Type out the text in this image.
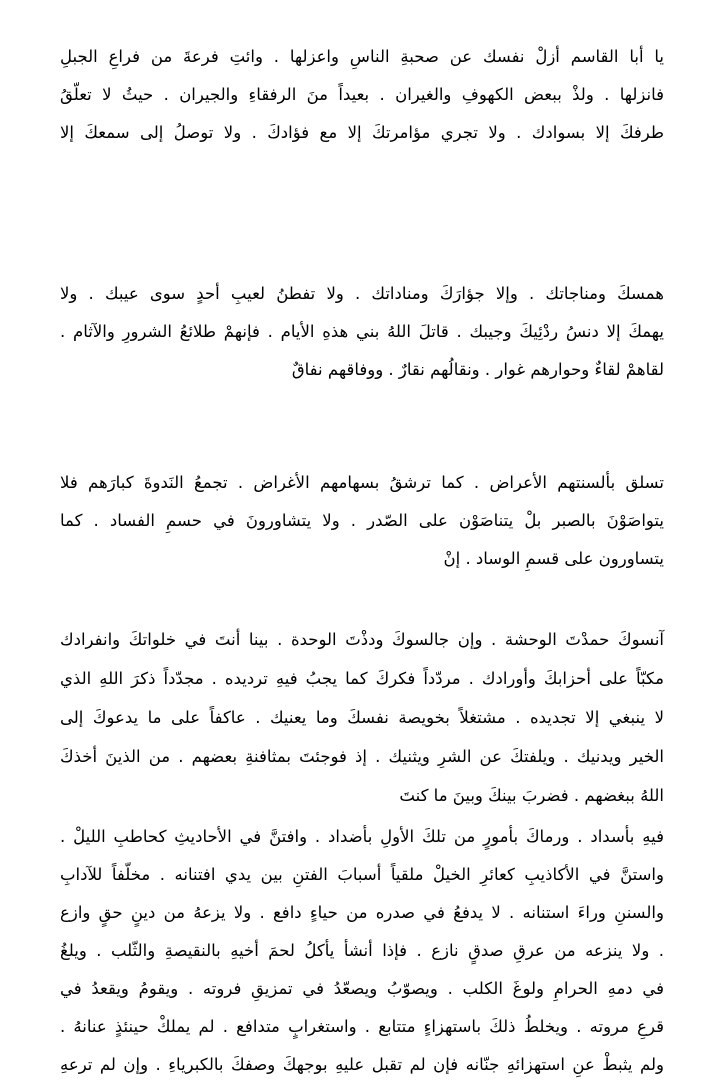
يا أبا القاسم أزلْ نفسك عن صحبةِ الناسِ واعزلها . وائتِ فرعةَ من فراعِ الجبلِ
فانزلها . ولذْ ببعض الكهوفِ والغيران . بعيداً منَ الرفقاءِ والجيران . حيثُ لا تعلّقُ
طرفكَ إلا بسوادك . ولا تجري مؤامرتكَ إلا مع فؤادكَ . ولا توصلُ إلى سمعكَ إلا
همسكَ ومناجاتك . وإلا جؤارَكَ ومناداتك . ولا تفطنُ لعيبِ أحدٍ سوى عيبك . ولا
يهمكَ إلا دنسُ ردْئِيكَ وجيبك . قاتلَ اللهُ بني هذهِ الأيام . فإنهمْ طلائعُ الشرورِ والآثام .
لقاهمْ لقاءٌ وحوارهم غوار . ونقالُهم نقارٌ . ووفاقهم نفاقٌ
تسلق بألسنتهم الأعراض . كما ترشقُ بسهامهم الأغراض . تجمعُ النَدوةَ كبارَهم فلا
يتواصَوْنَ بالصبر بلْ يتناصَوْن على الصّدر . ولا يتشاورونَ في حسمِ الفساد . كما
يتساورون على قسمِ الوساد . إنْ
آنسوكَ حمدْتَ الوحشة . وإن جالسوكَ ودذْتَ الوحدة . بينا أنتَ في خلواتكَ وانفرادك
مكبّاً على أحزابكَ وأورادك . مردّداً فكركَ كما يجبُ فيهِ ترديده . مجدّداً ذكرَ اللهِ الذي
لا ينبغي إلا تجديده . مشتغلاً بخويصة نفسكَ وما يعنيك . عاكفاً على ما يدعوكَ إلى
الخير ويدنيك . ويلفتكَ عن الشرِ ويثنيك . إذ فوجئتَ بمثافنةِ بعضهم . من الذينَ أخذكَ
اللهُ ببغضهم . فضربَ بينكَ وبينَ ما كنتَ
فيهِ بأسداد . ورماكَ بأمورٍ من تلكَ الأولِ بأضداد . وافتنَّ في الأحاديثِ كحاطبِ الليلْ .
واستنَّ في الأكاذيبِ كعائرِ الخيلْ ملقياً أسبابَ الفتنِ بين يدي افتنانه . مخلّفاً للآدابِ
والسننِ وراءَ استنانه . لا يدفعُ في صدره من حياءٍ دافع . ولا يزعهُ من دينٍ حقٍ وازع
. ولا ينزعه من عرقِ صدقٍ نازع . فإذا أنشأ يأكلُ لحمَ أخيهِ بالنقيصةِ والثّلب . ويلغُ
في دمهِ الحرامِ ولوغَ الكلب . ويصوّبُ ويصعّدُ في تمزيقِ فروته . ويقومُ ويقعدُ في
قرعِ مروته . ويخلطُ ذلكَ باستهزاءٍ متتابع . واستغرابٍ متدافع . لم يملكْ حينئذٍ عنانهُ .
ولم يثبطْ عنِ استهزائهِ جنّانه فإن لم تقبل عليهِ بوجهكَ وصفكَ بالكبرياءِ . وإن لم ترعهِ
